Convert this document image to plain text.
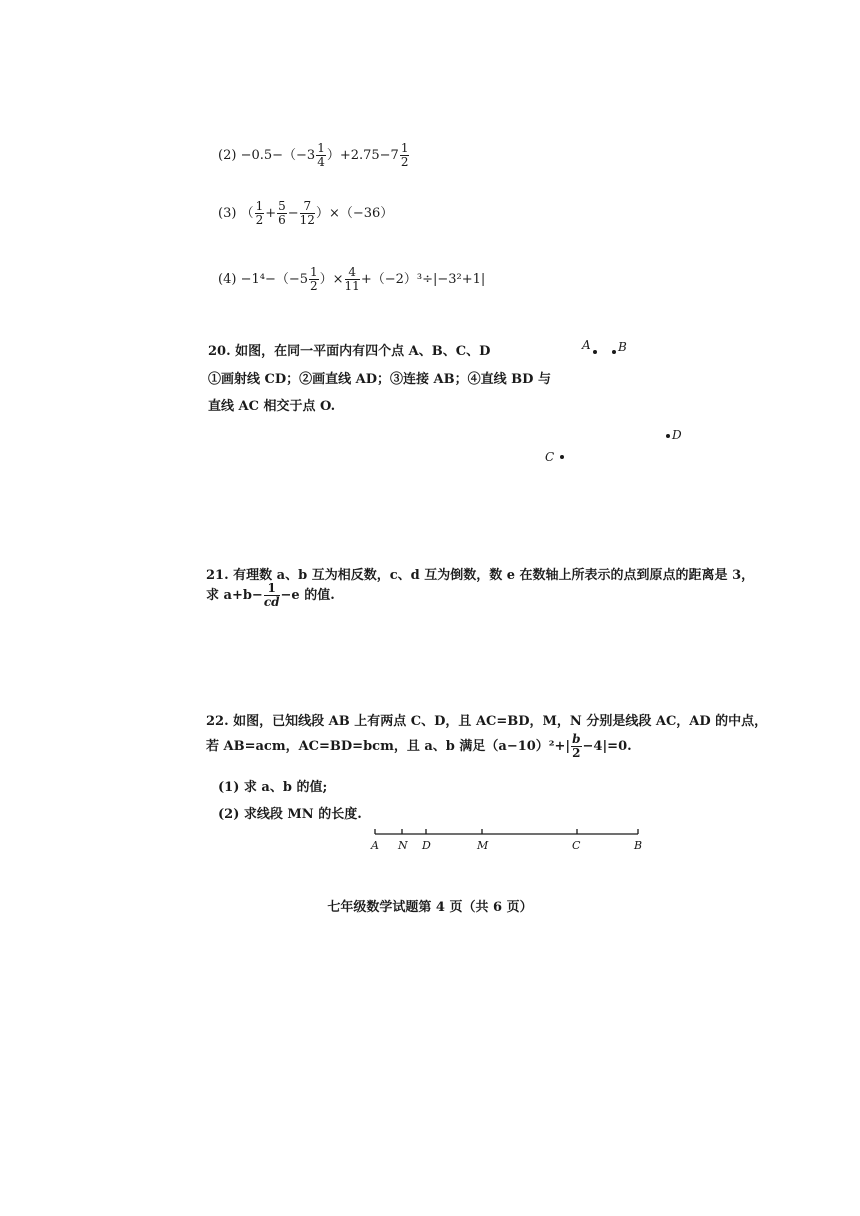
$(2) -0.5-(-3 \frac{1}{4} )+2.75-7 \frac{1}{2}$
(3) （ $\frac{1}{2} + \frac{5}{6} - \frac{7}{12} )\times(-36)$
$(4) -1^4-(-5 \frac{1}{2}$ ）× $\frac{4}{11} +(-2)^3\div|-3^2+1|$
20. 如图，在同一平面内有四个点 A、B、C、D
①画射线 CD；②画直线 AD；③连接 AB；④直线 BD 与
直线 AC 相交于点 O.
A B
D
C
21. 有理数 a、b 互为相反数，c、d 互为倒数，数 e 在数轴上所表示的点到原点的距离是 3，
求 $a+b- \frac{1}{cd} -e$ 的值.
22. 如图，已知线段 AB 上有两点 C、D，且 AC=BD，M，N 分别是线段 AC，AD 的中点，
若 AB=acm，AC=BD=bcm，且 a、b 满足$(a-10)^2+| \frac{b}{2} -4|=0$.
(1) 求 a、b 的值;
(2) 求线段 MN 的长度.
A N D	M	C	B
七年级数学试题第 4 页（共 6 页）
